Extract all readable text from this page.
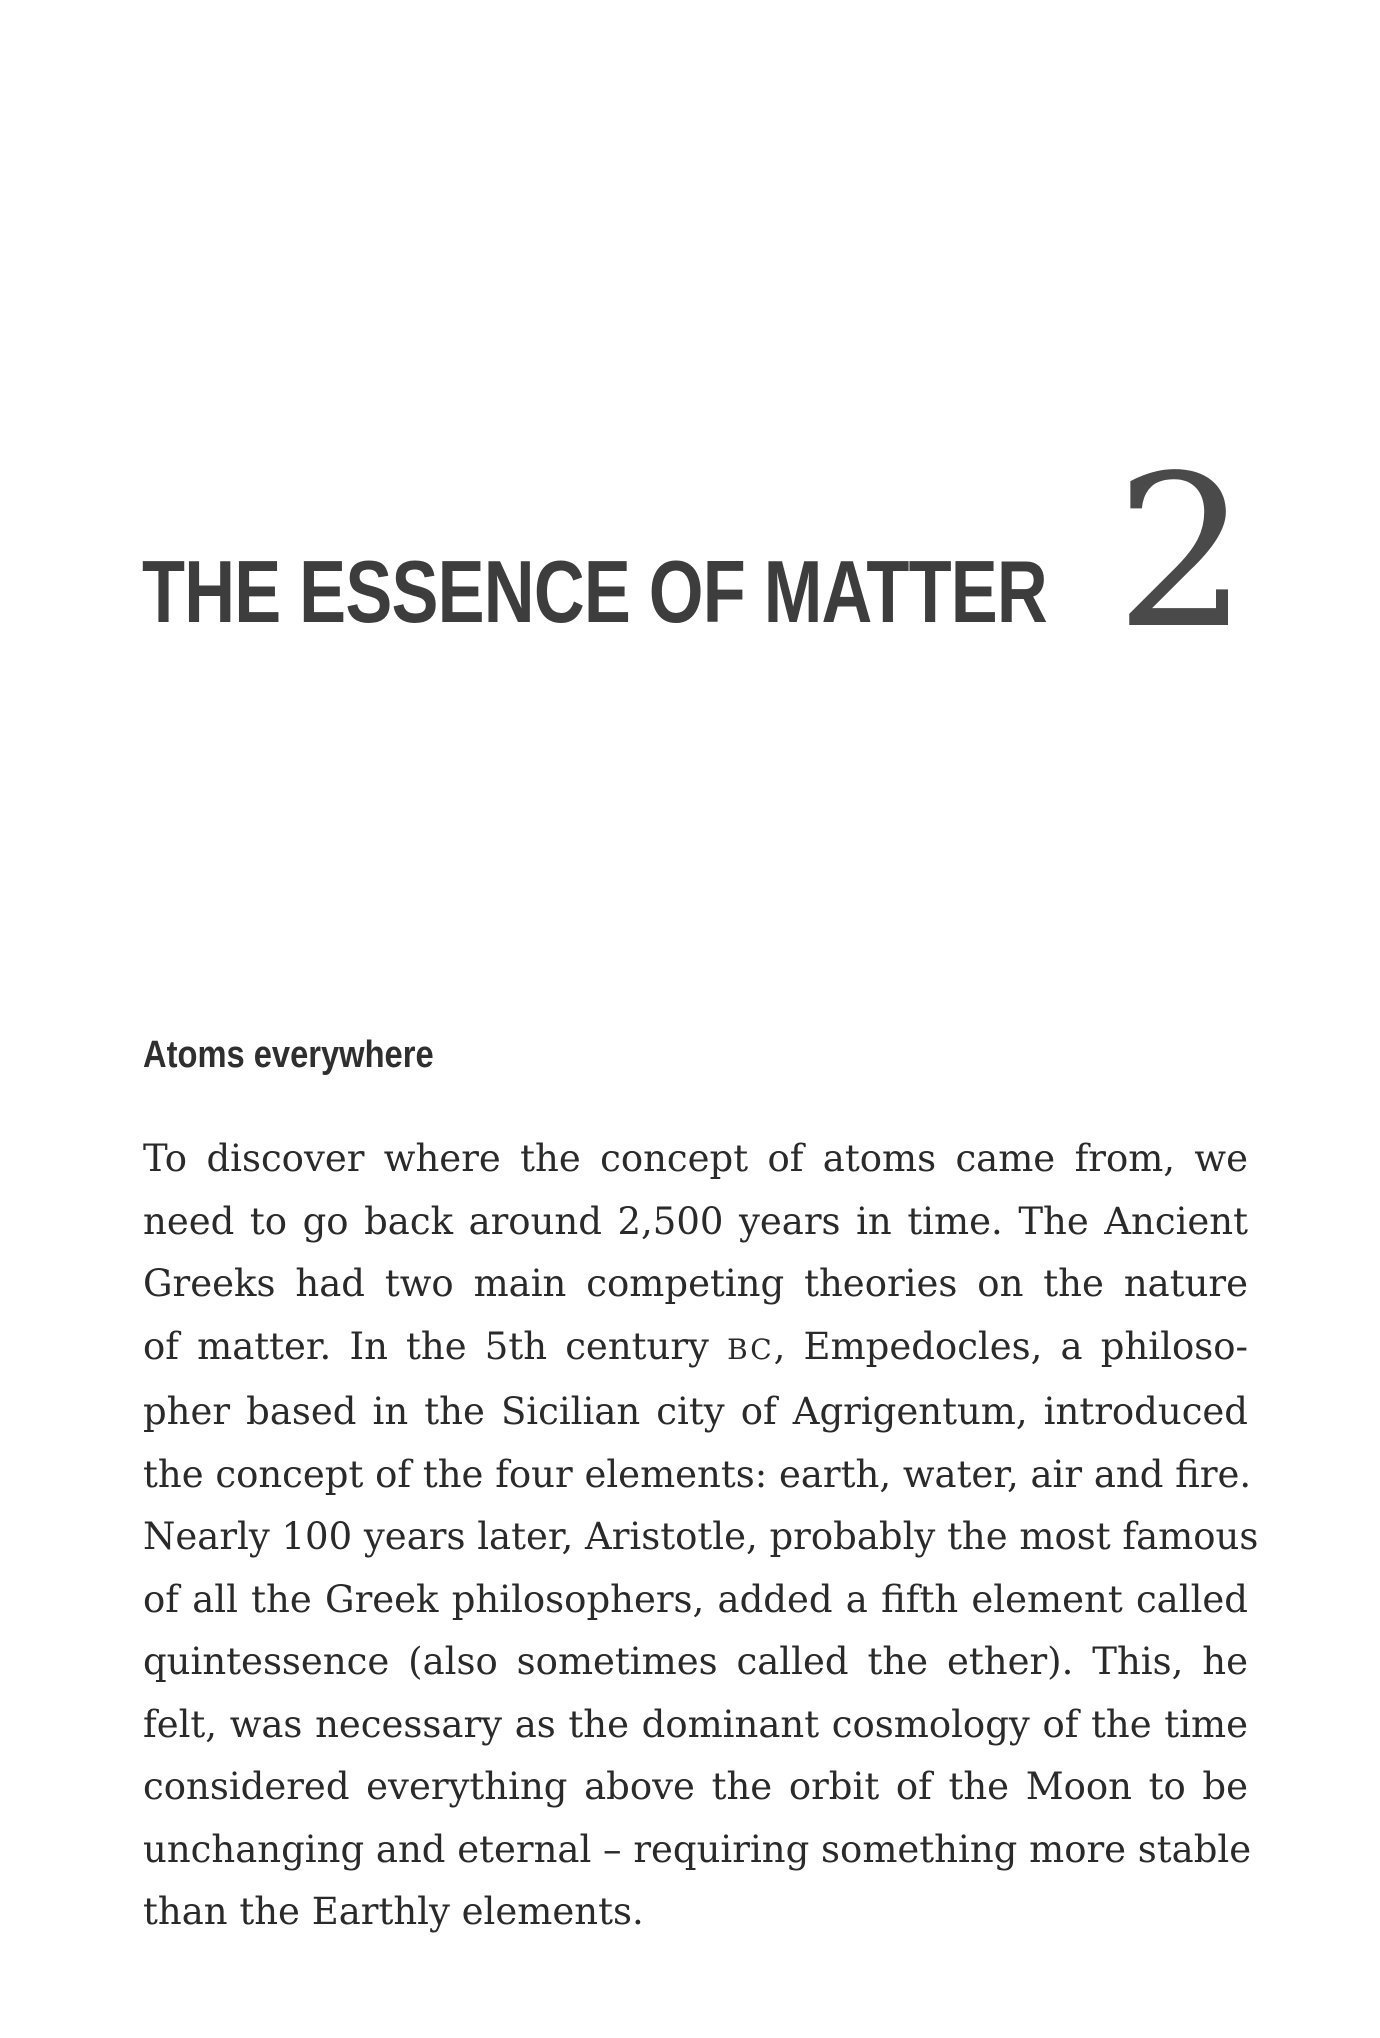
2
THE ESSENCE OF MATTER
Atoms everywhere
To discover where the concept of atoms came from, we
need to go back around 2,500 years in time. The Ancient
Greeks had two main competing theories on the nature
of matter. In the 5th century BC, Empedocles, a philoso-
pher based in the Sicilian city of Agrigentum, introduced
the concept of the four elements: earth, water, air and fire.
Nearly 100 years later, Aristotle, probably the most famous
of all the Greek philosophers, added a fifth element called
quintessence (also sometimes called the ether). This, he
felt, was necessary as the dominant cosmology of the time
considered everything above the orbit of the Moon to be
unchanging and eternal – requiring something more stable
than the Earthly elements.
